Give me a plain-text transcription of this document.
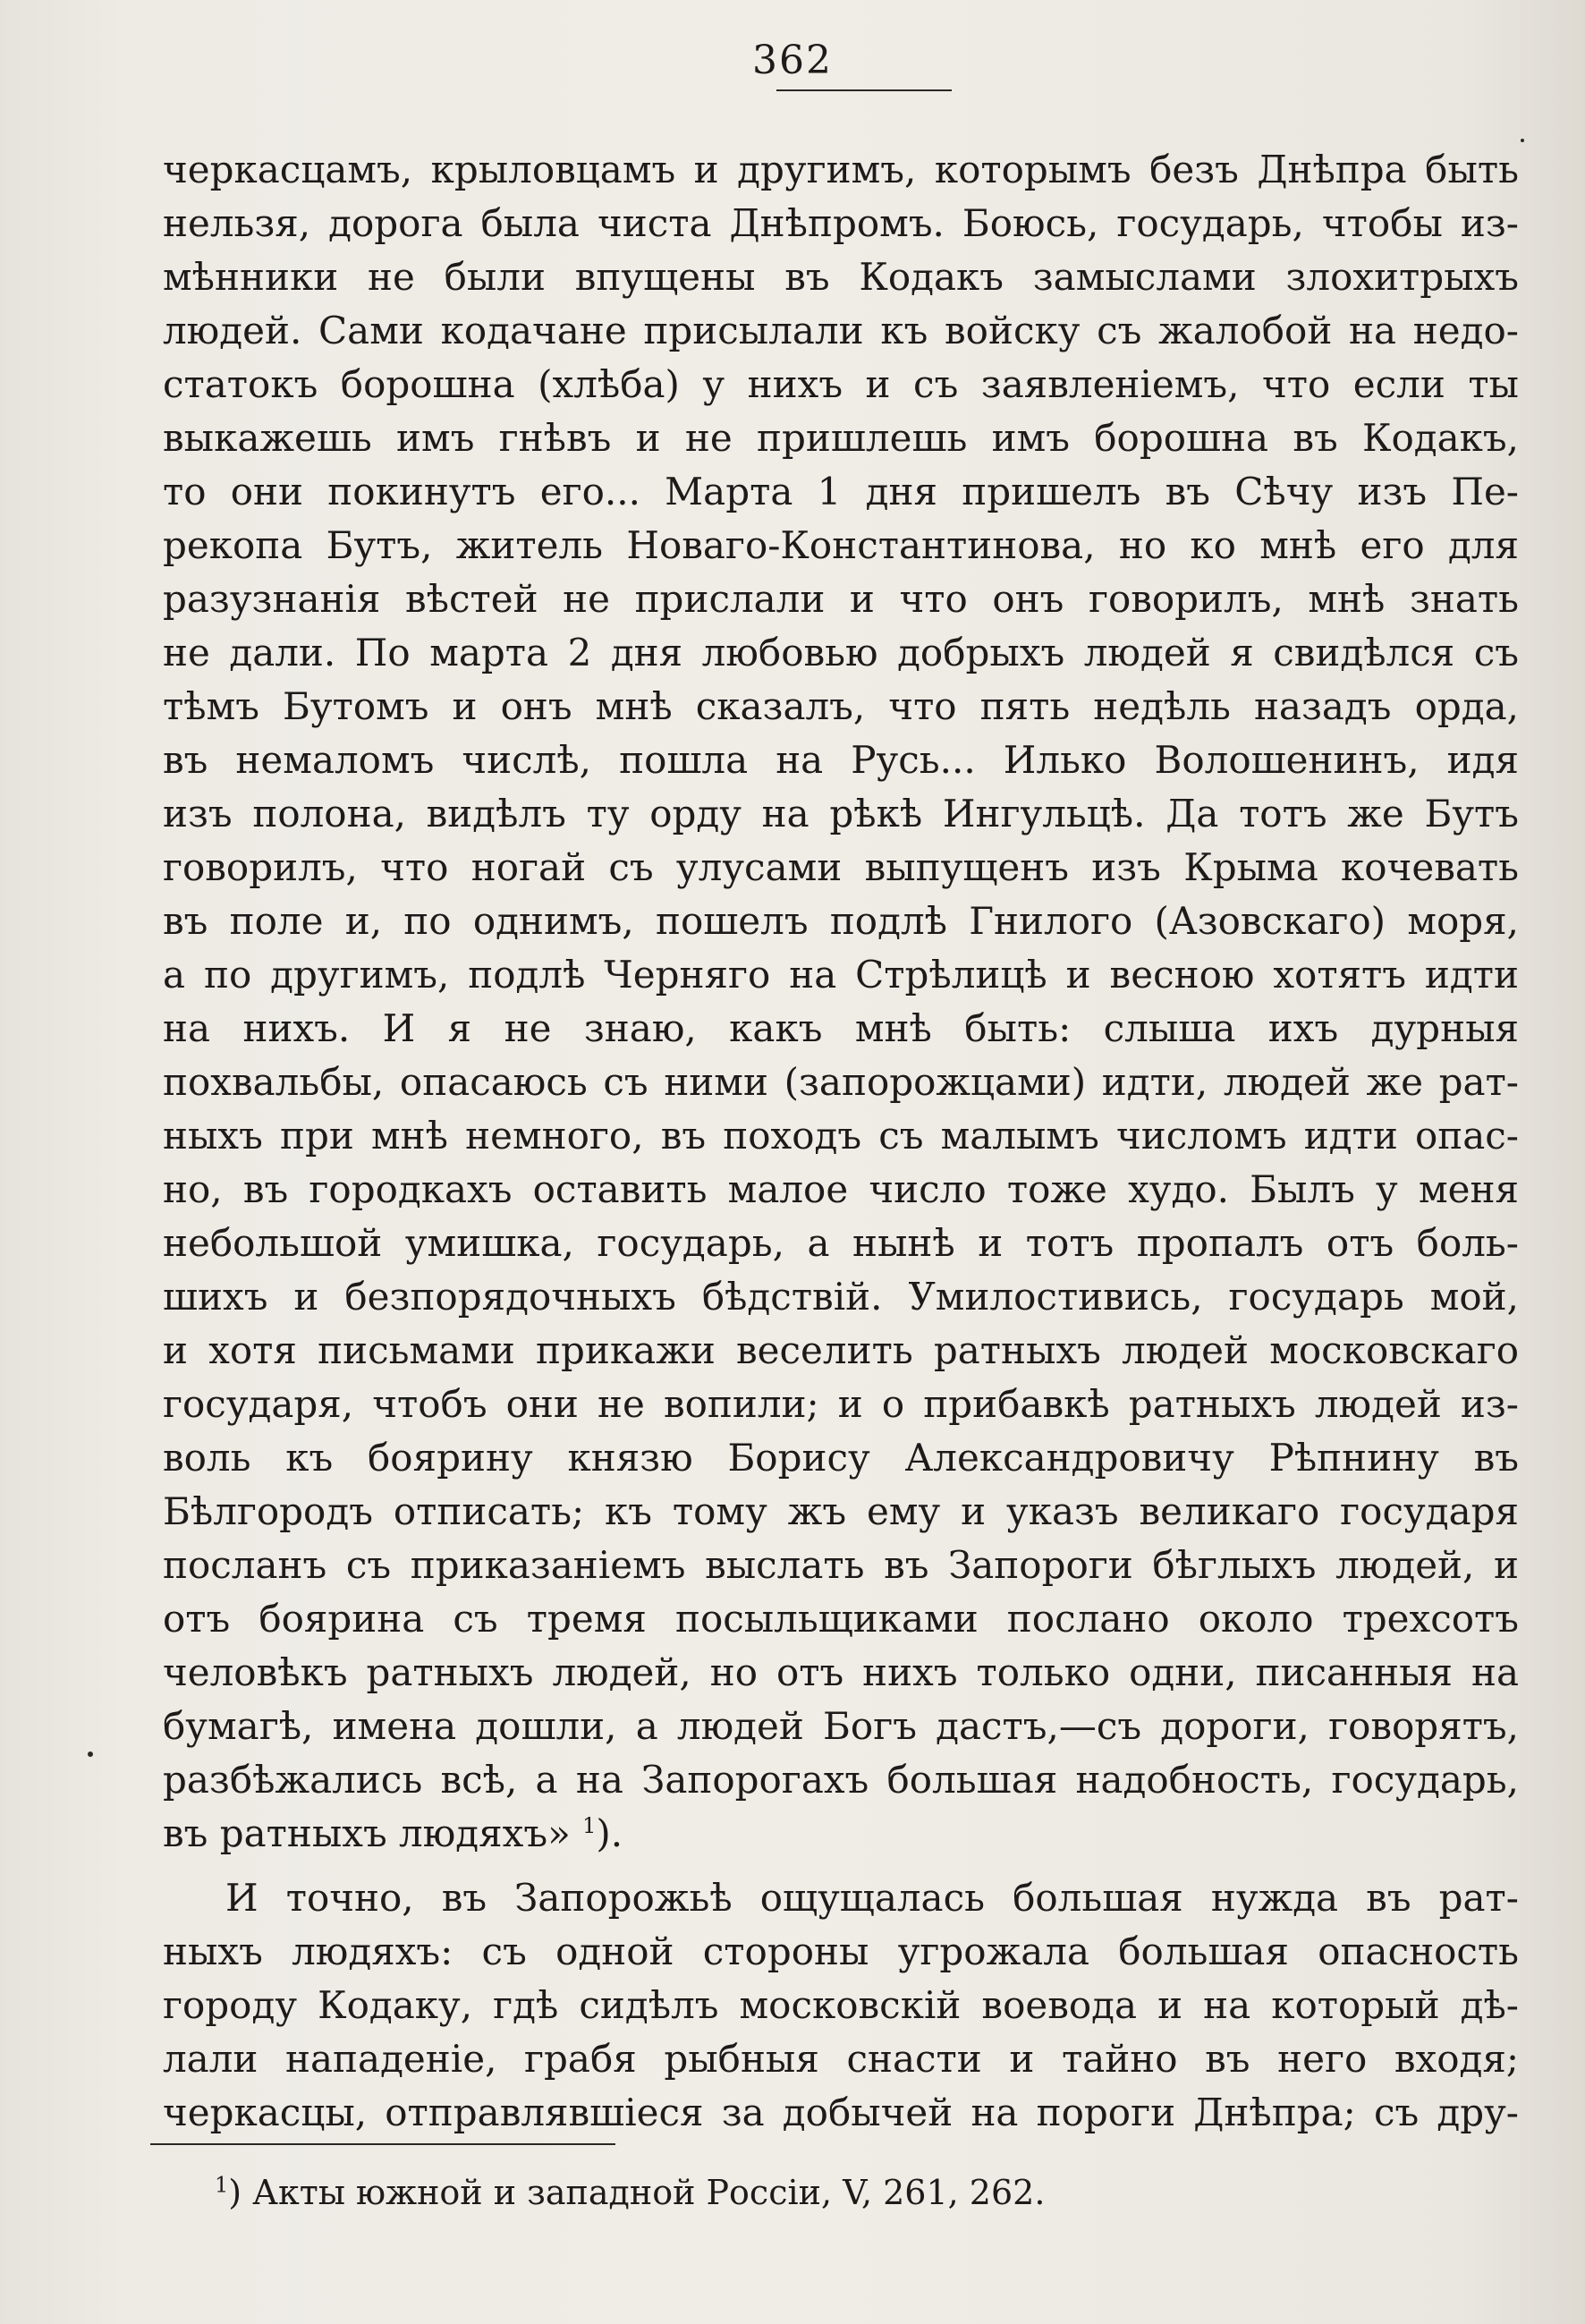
362
черкасцамъ, крыловцамъ и другимъ, которымъ безъ Днѣпра быть
нельзя, дорога была чиста Днѣпромъ. Боюсь, государь, чтобы из-
мѣнники не были впущены въ Кодакъ замыслами злохитрыхъ
людей. Сами кодачане присылали къ войску съ жалобой на недо-
статокъ борошна (хлѣба) у нихъ и съ заявленіемъ, что если ты
выкажешь имъ гнѣвъ и не пришлешь имъ борошна въ Кодакъ,
то они покинутъ его... Марта 1 дня пришелъ въ Сѣчу изъ Пе-
рекопа Бутъ, житель Новаго-Константинова, но ко мнѣ его для
разузнанія вѣстей не прислали и что онъ говорилъ, мнѣ знать
не дали. По марта 2 дня любовью добрыхъ людей я свидѣлся съ
тѣмъ Бутомъ и онъ мнѣ сказалъ, что пять недѣль назадъ орда,
въ немаломъ числѣ, пошла на Русь... Илько Волошенинъ, идя
изъ полона, видѣлъ ту орду на рѣкѣ Ингульцѣ. Да тотъ же Бутъ
говорилъ, что ногай съ улусами выпущенъ изъ Крыма кочевать
въ поле и, по однимъ, пошелъ подлѣ Гнилого (Азовскаго) моря,
а по другимъ, подлѣ Черняго на Стрѣлицѣ и весною хотятъ идти
на нихъ. И я не знаю, какъ мнѣ быть: слыша ихъ дурныя
похвальбы, опасаюсь съ ними (запорожцами) идти, людей же рат-
ныхъ при мнѣ немного, въ походъ съ малымъ числомъ идти опас-
но, въ городкахъ оставить малое число тоже худо. Былъ у меня
небольшой умишка, государь, а нынѣ и тотъ пропалъ отъ боль-
шихъ и безпорядочныхъ бѣдствій. Умилостивись, государь мой,
и хотя письмами прикажи веселить ратныхъ людей московскаго
государя, чтобъ они не вопили; и о прибавкѣ ратныхъ людей из-
воль къ боярину князю Борису Александровичу Рѣпнину въ
Бѣлгородъ отписать; къ тому жъ ему и указъ великаго государя
посланъ съ приказаніемъ выслать въ Запороги бѣглыхъ людей, и
отъ боярина съ тремя посыльщиками послано около трехсотъ
человѣкъ ратныхъ людей, но отъ нихъ только одни, писанныя на
бумагѣ, имена дошли, а людей Богъ дастъ,—съ дороги, говорятъ,
разбѣжались всѣ, а на Запорогахъ большая надобность, государь,
въ ратныхъ людяхъ» $^1$).
И точно, въ Запорожьѣ ощущалась большая нужда въ рат-
ныхъ людяхъ: съ одной стороны угрожала большая опасность
городу Кодаку, гдѣ сидѣлъ московскій воевода и на который дѣ-
лали нападеніе, грабя рыбныя снасти и тайно въ него входя;
черкасцы, отправлявшіеся за добычей на пороги Днѣпра; съ дру-
$^1$) Акты южной и западной Россіи, V, 261, 262.
